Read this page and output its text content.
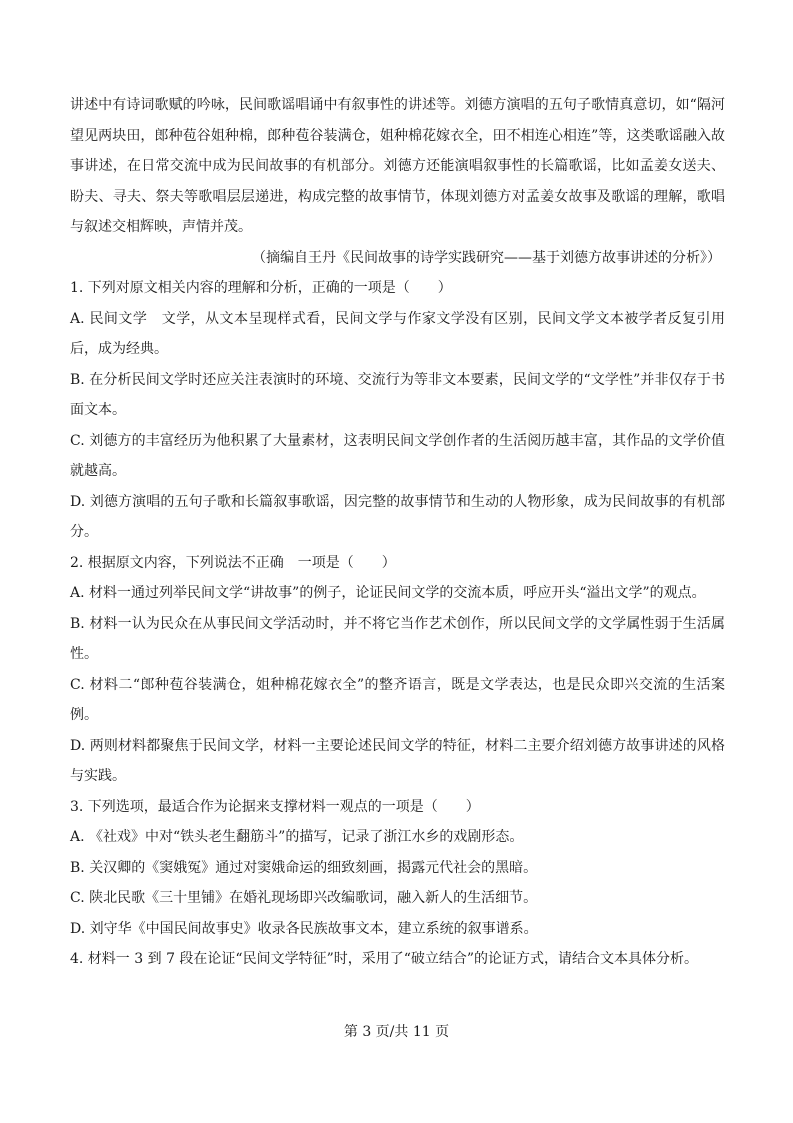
讲述中有诗词歌赋的吟咏，民间歌谣唱诵中有叙事性的讲述等。刘德方演唱的五句子歌情真意切，如“隔河望见两块田，郎种苞谷姐种棉，郎种苞谷装满仓，姐种棉花嫁衣全，田不相连心相连”等，这类歌谣融入故事讲述，在日常交流中成为民间故事的有机部分。刘德方还能演唱叙事性的长篇歌谣，比如孟姜女送夫、盼夫、寻夫、祭夫等歌唱层层递进，构成完整的故事情节，体现刘德方对孟姜女故事及歌谣的理解，歌唱与叙述交相辉映，声情并茂。

（摘编自王丹《民间故事的诗学实践研究——基于刘德方故事讲述的分析》）

1. 下列对原文相关内容的理解和分析，正确的一项是（　　）

A. 民间文学　文学，从文本呈现样式看，民间文学与作家文学没有区别，民间文学文本被学者反复引用后，成为经典。

B. 在分析民间文学时还应关注表演时的环境、交流行为等非文本要素，民间文学的“文学性”并非仅存于书面文本。

C. 刘德方的丰富经历为他积累了大量素材，这表明民间文学创作者的生活阅历越丰富，其作品的文学价值就越高。

D. 刘德方演唱的五句子歌和长篇叙事歌谣，因完整的故事情节和生动的人物形象，成为民间故事的有机部分。

2. 根据原文内容，下列说法不正确　一项是（　　）

A. 材料一通过列举民间文学“讲故事”的例子，论证民间文学的交流本质，呼应开头“溢出文学”的观点。

B. 材料一认为民众在从事民间文学活动时，并不将它当作艺术创作，所以民间文学的文学属性弱于生活属性。

C. 材料二“郎种苞谷装满仓，姐种棉花嫁衣全”的整齐语言，既是文学表达，也是民众即兴交流的生活案例。

D. 两则材料都聚焦于民间文学，材料一主要论述民间文学的特征，材料二主要介绍刘德方故事讲述的风格与实践。

3. 下列选项，最适合作为论据来支撑材料一观点的一项是（　　）

A. 《社戏》中对“铁头老生翻筋斗”的描写，记录了浙江水乡的戏剧形态。

B. 关汉卿的《窦娥冤》通过对窦娥命运的细致刻画，揭露元代社会的黑暗。

C. 陕北民歌《三十里铺》在婚礼现场即兴改编歌词，融入新人的生活细节。

D. 刘守华《中国民间故事史》收录各民族故事文本，建立系统的叙事谱系。

4. 材料一 3 到 7 段在论证“民间文学特征”时，采用了“破立结合”的论证方式，请结合文本具体分析。

第 3 页/共 11 页
